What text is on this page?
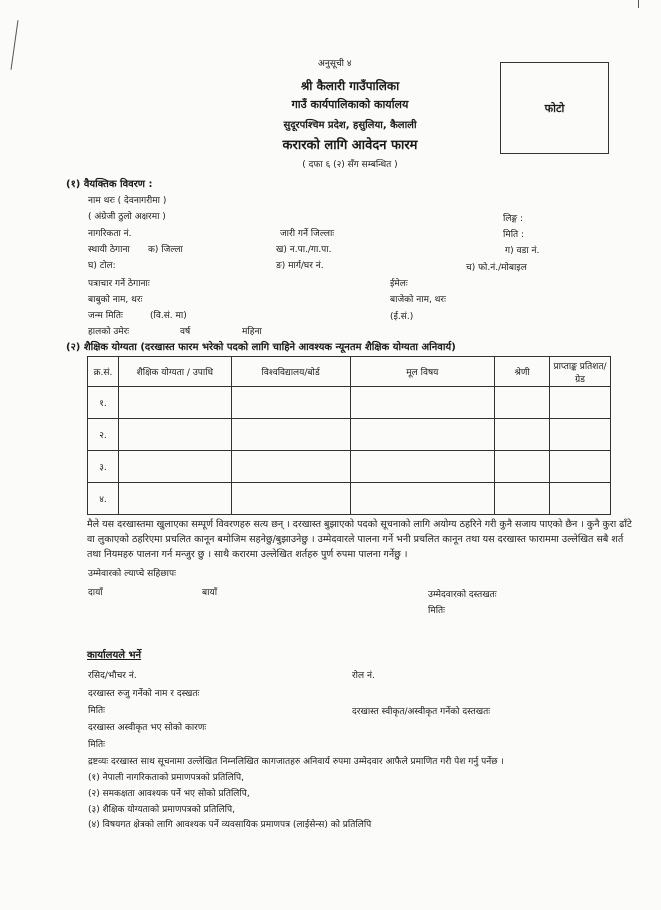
अनुसूची ४
श्री कैलारी गाउँपालिका
गाउँ कार्यपालिकाको कार्यालय
सुदूरपश्चिम प्रदेश, हसुलिया, कैलाली
करारको लागि आवेदन फारम
( दफा ६ (२) सँग सम्बन्धित )
फोटो
(१) वैयक्तिक विवरण :
नाम थरः ( देवनागरीमा )
( अंग्रेजी ठुलो अक्षरमा )	लिङ्ग :
नागरिकता नं.	जारी गर्ने जिल्लाः	मिति :
स्थायी ठेगाना क) जिल्ला	ख) न.पा./गा.पा.	ग) वडा नं.
घ) टोल:	ङ) मार्ग/घर नं.	च) फो.नं./मोबाइल
पत्राचार गर्ने ठेगानाः	ईमेलः
बाबुको नाम, थरः	बाजेको नाम, थरः
जन्म मितिः	(वि.सं. मा)	(ई.सं.)
हालको उमेरः	वर्ष	महिना
(२) शैक्षिक योग्यता (दरखास्त फारम भरेको पदको लागि चाहिने आवश्यक न्यूनतम शैक्षिक योग्यता अनिवार्य)
क्र.सं.	शैक्षिक योग्यता / उपाधि	विश्वविद्यालय/बोर्ड	मूल विषय	श्रेणी	प्राप्ताङ्क प्रतिशत/ग्रेड
१.					
२.					
३.					
४.					
मैले यस दरखास्तमा खुलाएका सम्पूर्ण विवरणहरु सत्य छन् । दरखास्त बुझाएको पदको सूचनाको लागि अयोग्य ठहरिने गरी कुनै सजाय पाएको छैन । कुनै कुरा ढाँटे वा लुकाएको ठहरिएमा प्रचलित कानून बमोजिम सहनेछु/बुझाउनेछु । उम्मेदवारले पालना गर्ने भनी प्रचलित कानून तथा यस दरखास्त फाराममा उल्लेखित सबै शर्त तथा नियमहरु पालना गर्न मन्जुर छु । साथै करारमा उल्लेखित शर्तहरु पुर्ण रुपमा पालना गर्नेछु ।
उम्मेवारको ल्याप्चे सहिछापः
दायाँ	बायाँ	उम्मेदवारको दस्तखतः
मितिः
कार्यालयले भर्ने
रसिद/भौचर नं.	रोल नं.
दरखास्त रुजु गर्नेको नाम र दस्खतः
मितिः	दरखास्त स्वीकृत/अस्वीकृत गर्नेको दस्तखतः
दरखास्त अस्वीकृत भए सोको कारणः
मितिः
द्रष्टव्यः दरखास्त साथ सूचनामा उल्लेखित निम्नलिखित कागजातहरु अनिवार्य रुपमा उम्मेदवार आफैले प्रमाणित गरी पेश गर्नु पर्नेछ ।
(१) नेपाली नागरिकताको प्रमाणपत्रको प्रतिलिपि,
(२) समकक्षता आवश्यक पर्ने भए सोको प्रतिलिपि,
(३) शैक्षिक योग्यताको प्रमाणपत्रको प्रतिलिपि,
(४) विषयगत क्षेत्रको लागि आवश्यक पर्ने व्यवसायिक प्रमाणपत्र (लाईसेन्स) को प्रतिलिपि
